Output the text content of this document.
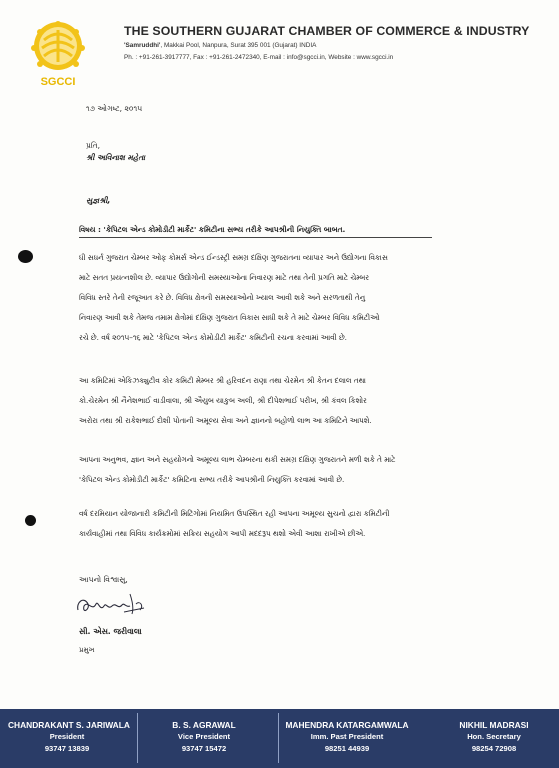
SGCCI
THE SOUTHERN GUJARAT CHAMBER OF COMMERCE & INDUSTRY
'Samruddhi', Makkai Pool, Nanpura, Surat 395 001 (Gujarat) INDIA
Ph. : +91-261-3917777, Fax : +91-261-2472340, E-mail : info@sgcci.in, Website : www.sgcci.in
૧૭ ઓગષ્ટ, ૨૦૧૫
પ્રતિ,
શ્રી અવિનાશ મહેતા
સુજ્ઞશ્રી,
વિષય : 'કેપિટલ એન્ડ કોમોડીટી માર્કેટ' કમિટીના સભ્ય તરીકે આપશ્રીની નિયુક્તિ બાબત.
ધી સધર્ન ગુજરાત ચેમ્બર ઓફ કોમર્સ એન્ડ ઈન્ડસ્ટ્રી સમગ્ર દક્ષિણ ગુજરાતના વ્યાપાર અને ઉદ્યોગના વિકાસ
માટે સતત પ્રયત્નશીલ છે. વ્યાપાર ઉદ્યોગોની સમસ્યાઓના નિવારણ માટે તથા તેની પ્રગતિ માટે ચેમ્બર
વિવિધ સ્તરે તેની રજૂઆત કરે છે. વિવિધ ક્ષેત્રની સમસ્યાઓનો ખ્યાલ આવી શકે અને સરળતાથી તેનુ
નિવારણ આવી શકે તેમજ તમામ ક્ષેત્રોમાં દક્ષિણ ગુજરાત વિકાસ સાધી શકે તે માટે ચેમ્બર વિવિધ કમિટીઓ
રચે છે. વર્ષ ૨૦૧૫–૧૬ માટે 'કેપિટલ એન્ડ કોમોડીટી માર્કેટ' કમિટીની રચના કરવામાં આવી છે.
આ કમિટિમાં એકિઝક્યુટીવ કોર કમિટી મેમ્બર શ્રી હરિવદન રાણા તથા ચેરમેન શ્રી કેતન દલાલ તથા
કો.ચેરમેન શ્રી નૈનેશભાઈ વાડીવાલા, શ્રી ઐયુબ યાકુબ અલી, શ્રી દીપેશભાઈ પરીખ, શ્રી કંવલ કિશોર
અરોરા તથા શ્રી રાકેશભાઈ દોશી પોતાની અમૂલ્ય સેવા અને જ્ઞાનનો બહોળો લાભ આ કમિટિને આપશે.
આપના અનુભવ, જ્ઞાન અને સહયોગનો અમૂલ્ય લાભ ચેમ્બરના થકી સમગ્ર દક્ષિણ ગુજરાતને મળી શકે તે માટે
'કેપિટલ એન્ડ કોમોડીટી માર્કેટ' કમિટિના સભ્ય તરીકે આપશ્રીની નિયુક્તિ કરવામાં આવી છે.
વર્ષ દરમિયાન યોજાનારી કમિટીની મિટિંગોમાં નિયમિત ઉપસ્થિત રહી આપના અમૂલ્ય સુચનો દ્વારા કમિટીની
કાર્યવાહીમાં તથા વિવિધ કાર્યક્રમોમાં સક્રિય સહયોગ આપી મદદરૂપ થશો એવી આશા રાખીએ છીએ.
આપનો વિશ્વાસુ,
સી. એસ. જરીવાલા
પ્રમુખ
CHANDRAKANT S. JARIWALA
President
93747 13839
B. S. AGRAWAL
Vice President
93747 15472
MAHENDRA KATARGAMWALA
Imm. Past President
98251 44939
NIKHIL MADRASI
Hon. Secretary
98254 72908
